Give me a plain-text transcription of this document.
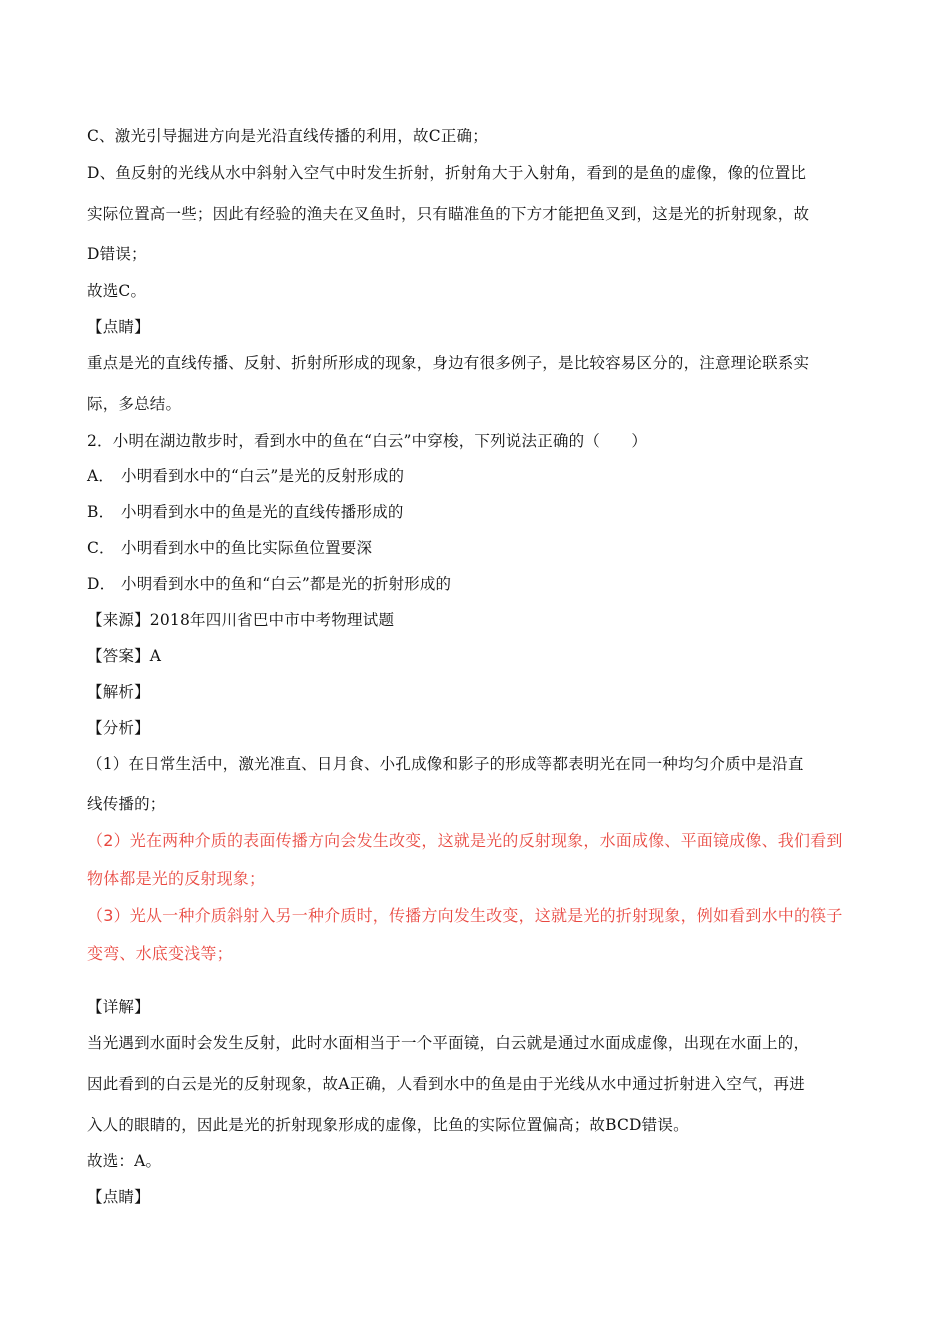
C、激光引导掘进方向是光沿直线传播的利用，故C正确；
D、鱼反射的光线从水中斜射入空气中时发生折射，折射角大于入射角，看到的是鱼的虚像，像的位置比
实际位置高一些；因此有经验的渔夫在叉鱼时，只有瞄准鱼的下方才能把鱼叉到，这是光的折射现象，故
D错误；
故选C。
【点睛】
重点是光的直线传播、反射、折射所形成的现象，身边有很多例子，是比较容易区分的，注意理论联系实
际，多总结。
2．小明在湖边散步时，看到水中的鱼在“白云”中穿梭，下列说法正确的（　　）
A． 小明看到水中的“白云”是光的反射形成的
B． 小明看到水中的鱼是光的直线传播形成的
C． 小明看到水中的鱼比实际鱼位置要深
D． 小明看到水中的鱼和“白云”都是光的折射形成的
【来源】2018年四川省巴中市中考物理试题
【答案】A
【解析】
【分析】
（1）在日常生活中，激光准直、日月食、小孔成像和影子的形成等都表明光在同一种均匀介质中是沿直
线传播的；
（2）光在两种介质的表面传播方向会发生改变，这就是光的反射现象，水面成像、平面镜成像、我们看到
物体都是光的反射现象；
（3）光从一种介质斜射入另一种介质时，传播方向发生改变，这就是光的折射现象，例如看到水中的筷子
变弯、水底变浅等；
【详解】
当光遇到水面时会发生反射，此时水面相当于一个平面镜，白云就是通过水面成虚像，出现在水面上的，
因此看到的白云是光的反射现象，故A正确，人看到水中的鱼是由于光线从水中通过折射进入空气，再进
入人的眼睛的，因此是光的折射现象形成的虚像，比鱼的实际位置偏高；故BCD错误。
故选：A。
【点睛】
